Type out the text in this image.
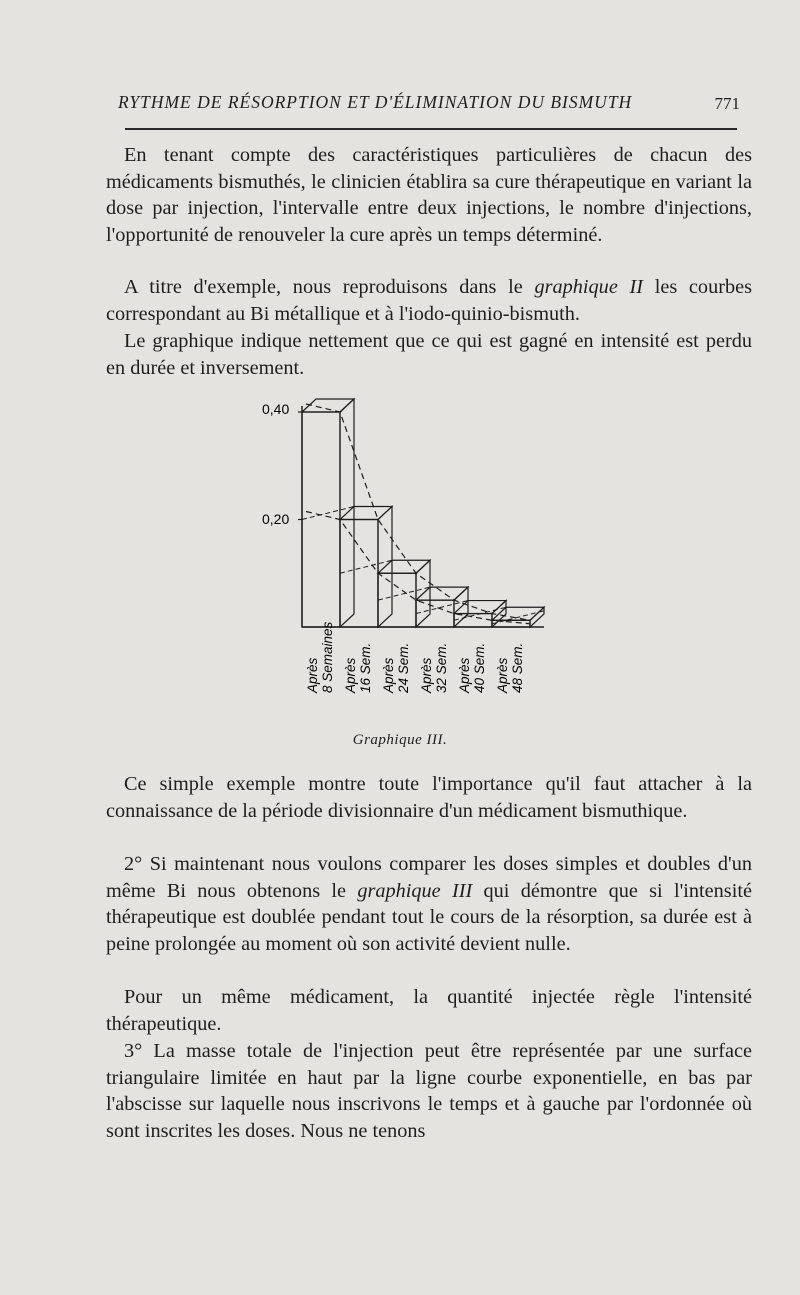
RYTHME DE RÉSORPTION ET D'ÉLIMINATION DU BISMUTH	771

En tenant compte des caractéristiques particulières de chacun des médicaments bismuthés, le clinicien établira sa cure thérapeutique en variant la dose par injection, l'intervalle entre deux injections, le nombre d'injections, l'opportunité de renouveler la cure après un temps déterminé.

A titre d'exemple, nous reproduisons dans le graphique II les courbes correspondant au Bi métallique et à l'iodo-quinio-bismuth.

Le graphique indique nettement que ce qui est gagné en intensité est perdu en durée et inversement.

0,40
0,20
Après8 Semaines Après16 Sem. Après24 Sem. Après32 Sem. Après40 Sem. Après48 Sem.
Graphique III.

Ce simple exemple montre toute l'importance qu'il faut attacher à la connaissance de la période divisionnaire d'un médicament bismuthique.

2° Si maintenant nous voulons comparer les doses simples et doubles d'un même Bi nous obtenons le graphique III qui démontre que si l'intensité thérapeutique est doublée pendant tout le cours de la résorption, sa durée est à peine prolongée au moment où son activité devient nulle.

Pour un même médicament, la quantité injectée règle l'intensité thérapeutique.

3° La masse totale de l'injection peut être représentée par une surface triangulaire limitée en haut par la ligne courbe exponentielle, en bas par l'abscisse sur laquelle nous inscrivons le temps et à gauche par l'ordonnée où sont inscrites les doses. Nous ne tenons
